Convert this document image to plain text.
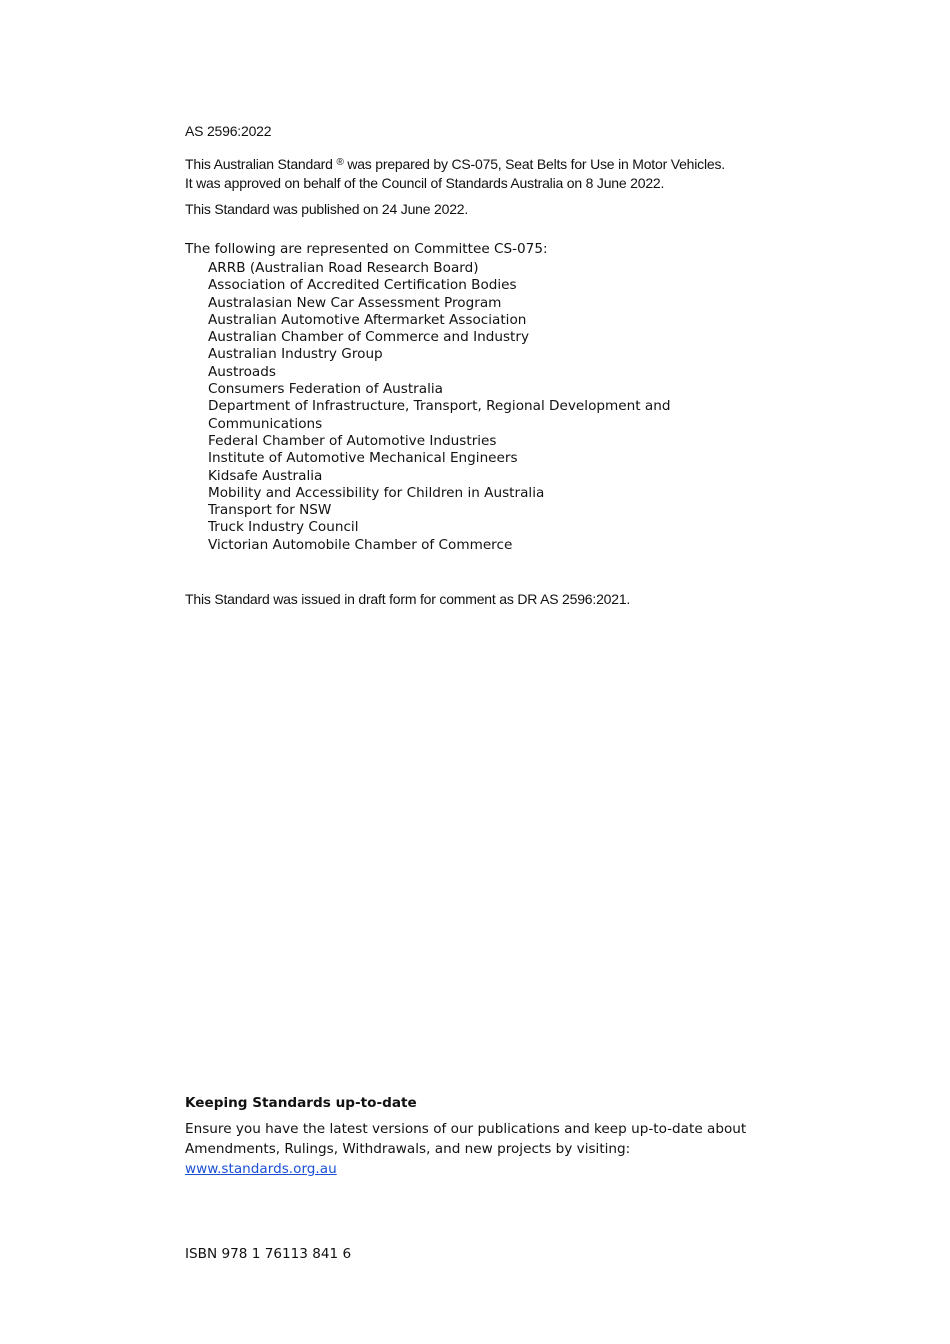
AS 2596:2022
This Australian Standard ® was prepared by CS-075, Seat Belts for Use in Motor Vehicles.
It was approved on behalf of the Council of Standards Australia on 8 June 2022.
This Standard was published on 24 June 2022.
The following are represented on Committee CS-075:
ARRB (Australian Road Research Board)
Association of Accredited Certification Bodies
Australasian New Car Assessment Program
Australian Automotive Aftermarket Association
Australian Chamber of Commerce and Industry
Australian Industry Group
Austroads
Consumers Federation of Australia
Department of Infrastructure, Transport, Regional Development and
Communications
Federal Chamber of Automotive Industries
Institute of Automotive Mechanical Engineers
Kidsafe Australia
Mobility and Accessibility for Children in Australia
Transport for NSW
Truck Industry Council
Victorian Automobile Chamber of Commerce
This Standard was issued in draft form for comment as DR AS 2596:2021.
Keeping Standards up-to-date
Ensure you have the latest versions of our publications and keep up-to-date about
Amendments, Rulings, Withdrawals, and new projects by visiting:
www.standards.org.au
ISBN 978 1 76113 841 6
